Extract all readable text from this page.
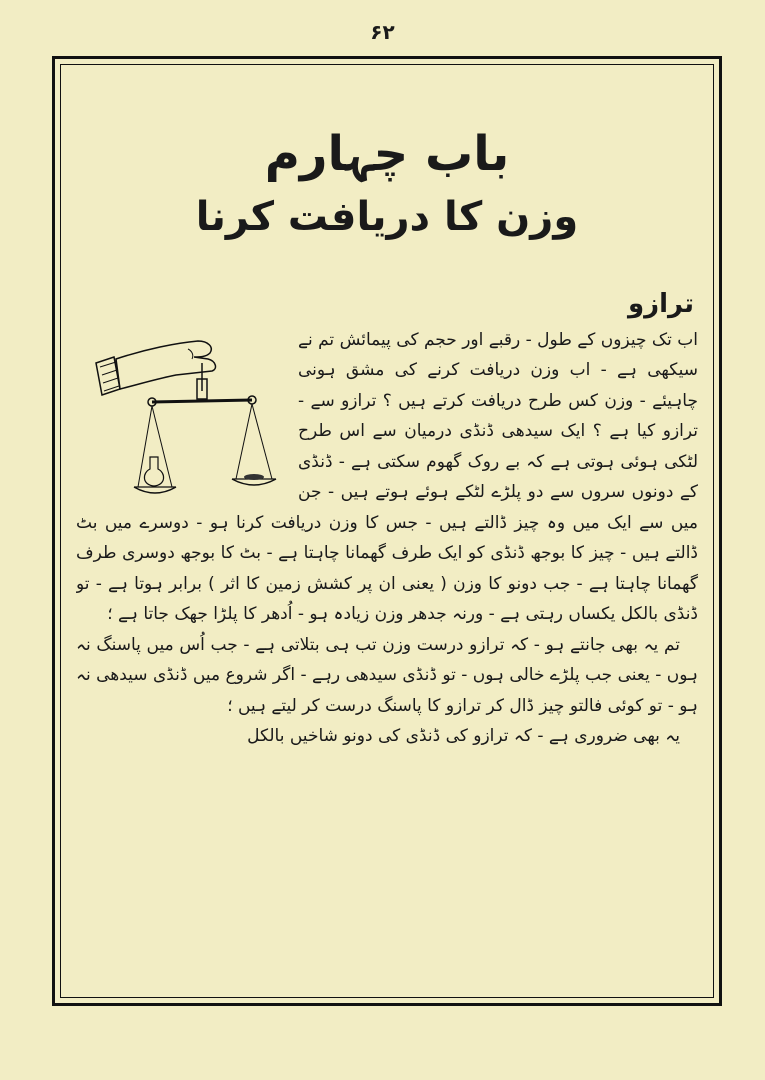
۶۲
باب چہارم
وزن کا دریافت کرنا
ترازو

اب تک چیزوں کے طول - رقبے اور حجم کی پیمائش تم نے سیکھی ہے - اب وزن دریافت کرنے کی مشق ہونی چاہیئے - وزن کس طرح دریافت کرتے ہیں ؟ ترازو سے - ترازو کیا ہے ؟ ایک سیدھی ڈنڈی درمیان سے اس طرح لٹکی ہوئی ہوتی ہے کہ بے روک گھوم سکتی ہے - ڈنڈی کے دونوں سروں سے دو پلڑے لٹکے ہوئے ہوتے ہیں - جن میں سے ایک میں وہ چیز ڈالتے ہیں - جس کا وزن دریافت کرنا ہو - دوسرے میں بٹ ڈالتے ہیں - چیز کا بوجھ ڈنڈی کو ایک طرف گھمانا چاہتا ہے - بٹ کا بوجھ دوسری طرف گھمانا چاہتا ہے - جب دونو کا وزن ( یعنی ان پر کشش زمین کا اثر ) برابر ہوتا ہے - تو ڈنڈی بالکل یکساں رہتی ہے - ورنہ جدھر وزن زیادہ ہو - اُدھر کا پلڑا جھک جاتا ہے ؛

تم یہ بھی جانتے ہو - کہ ترازو درست وزن تب ہی بتلاتی ہے - جب اُس میں پاسنگ نہ ہوں - یعنی جب پلڑے خالی ہوں - تو ڈنڈی سیدھی رہے - اگر شروع میں ڈنڈی سیدھی نہ ہو - تو کوئی فالتو چیز ڈال کر ترازو کا پاسنگ درست کر لیتے ہیں ؛

یہ بھی ضروری ہے - کہ ترازو کی ڈنڈی کی دونو شاخیں بالکل
